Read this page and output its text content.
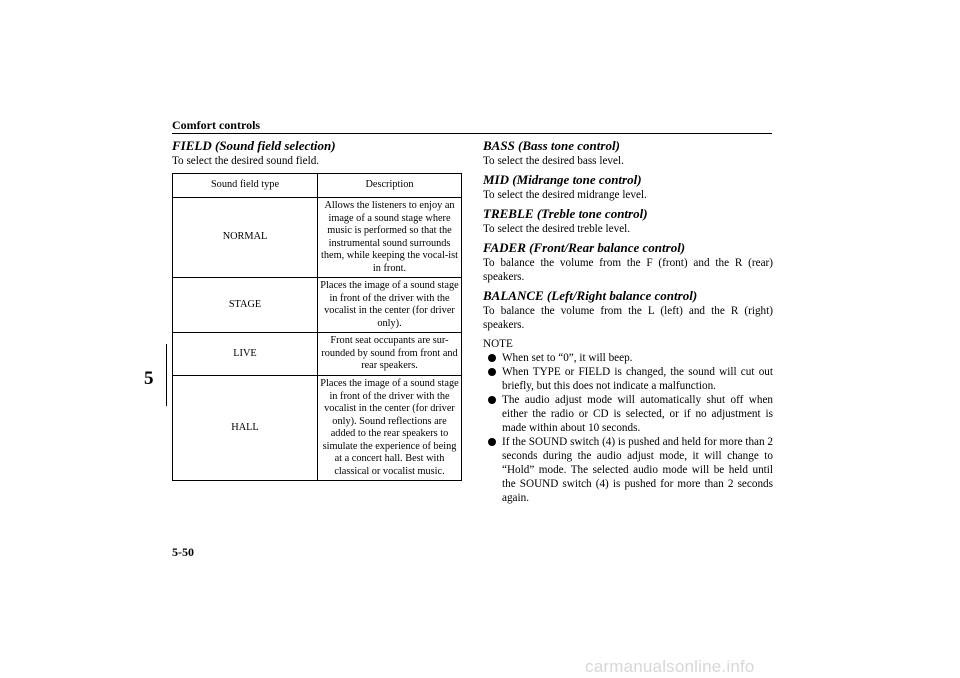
Comfort controls
5
FIELD (Sound field selection)
To select the desired sound field.
Sound field type	Description
NORMAL	Allows the listeners to enjoy an image of a sound stage where music is performed so that the instrumental sound surrounds them, while keeping the vocal-ist in front.
STAGE	Places the image of a sound stage in front of the driver with the vocalist in the center (for driver only).
LIVE	Front seat occupants are sur-rounded by sound from front and rear speakers.
HALL	Places the image of a sound stage in front of the driver with the vocalist in the center (for driver only). Sound reflections are added to the rear speakers to simulate the experience of being at a concert hall. Best with classical or vocalist music.
BASS (Bass tone control)
To select the desired bass level.
MID (Midrange tone control)
To select the desired midrange level.
TREBLE (Treble tone control)
To select the desired treble level.
FADER (Front/Rear balance control)
To balance the volume from the F (front) and the R (rear) speakers.
BALANCE (Left/Right balance control)
To balance the volume from the L (left) and the R (right) speakers.
NOTE
When set to “0”, it will beep.
When TYPE or FIELD is changed, the sound will cut out briefly, but this does not indicate a malfunction.
The audio adjust mode will automatically shut off when either the radio or CD is selected, or if no adjustment is made within about 10 seconds.
If the SOUND switch (4) is pushed and held for more than 2 seconds during the audio adjust mode, it will change to “Hold” mode. The selected audio mode will be held until the SOUND switch (4) is pushed for more than 2 seconds again.
5-50
carmanualsonline.info
